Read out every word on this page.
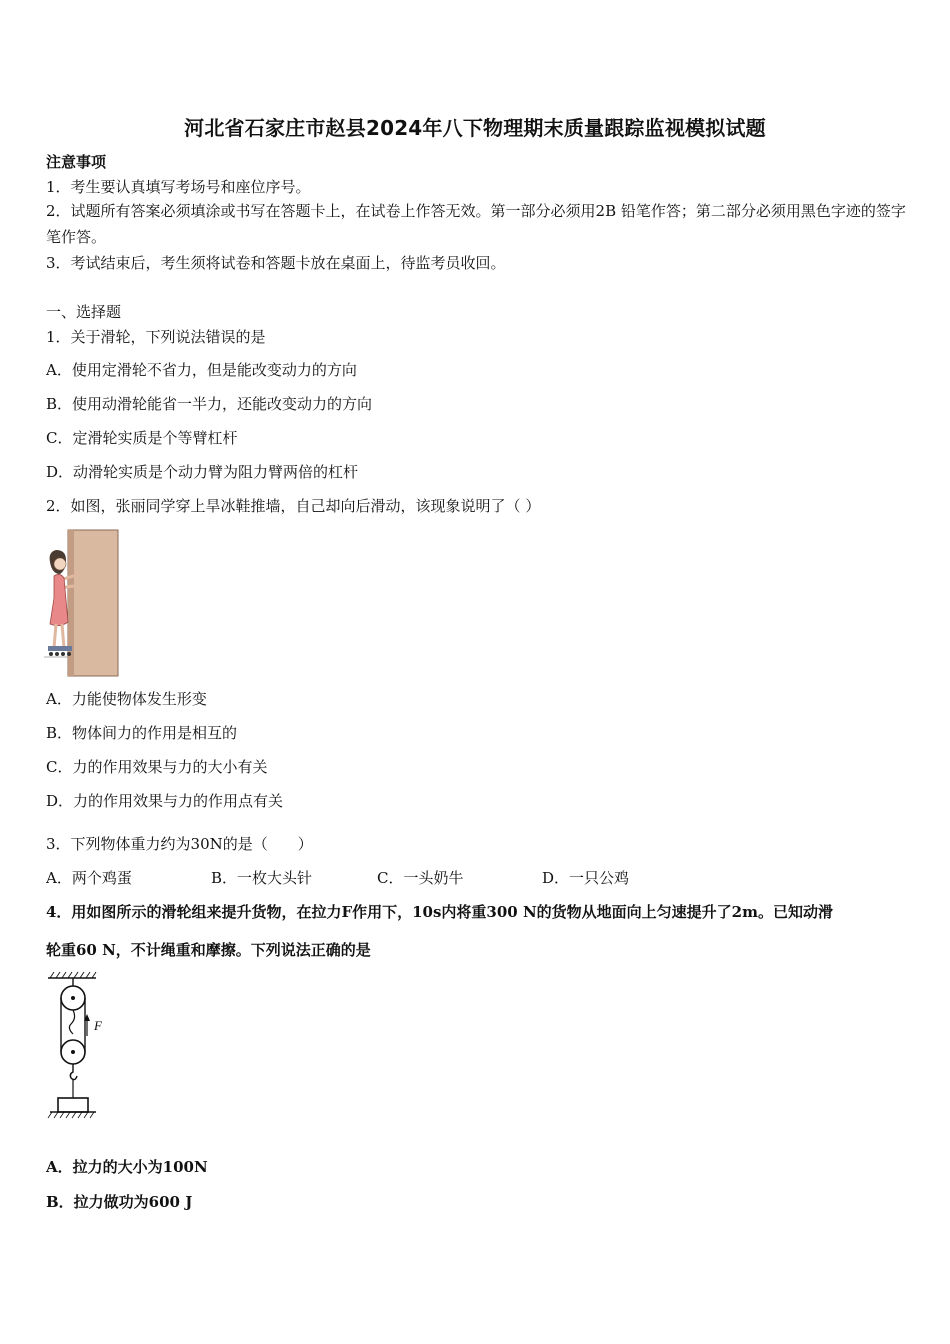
河北省石家庄市赵县2024年八下物理期末质量跟踪监视模拟试题
注意事项
1．考生要认真填写考场号和座位序号。
2．试题所有答案必须填涂或书写在答题卡上，在试卷上作答无效。第一部分必须用2B 铅笔作答；第二部分必须用黑色字迹的签字笔作答。
3．考试结束后，考生须将试卷和答题卡放在桌面上，待监考员收回。
一、选择题
1．关于滑轮，下列说法错误的是
A．使用定滑轮不省力，但是能改变动力的方向
B．使用动滑轮能省一半力，还能改变动力的方向
C．定滑轮实质是个等臂杠杆
D．动滑轮实质是个动力臂为阻力臂两倍的杠杆
2．如图，张丽同学穿上旱冰鞋推墙，自己却向后滑动，该现象说明了（ ）
A．力能使物体发生形变
B．物体间力的作用是相互的
C．力的作用效果与力的大小有关
D．力的作用效果与力的作用点有关
3．下列物体重力约为30N的是（　　）
A．两个鸡蛋	B．一枚大头针	C．一头奶牛	D．一只公鸡
4．用如图所示的滑轮组来提升货物，在拉力F作用下，10s内将重300 N的货物从地面向上匀速提升了2m。已知动滑
轮重60 N，不计绳重和摩擦。下列说法正确的是
F
A．拉力的大小为100N
B．拉力做功为600 J
